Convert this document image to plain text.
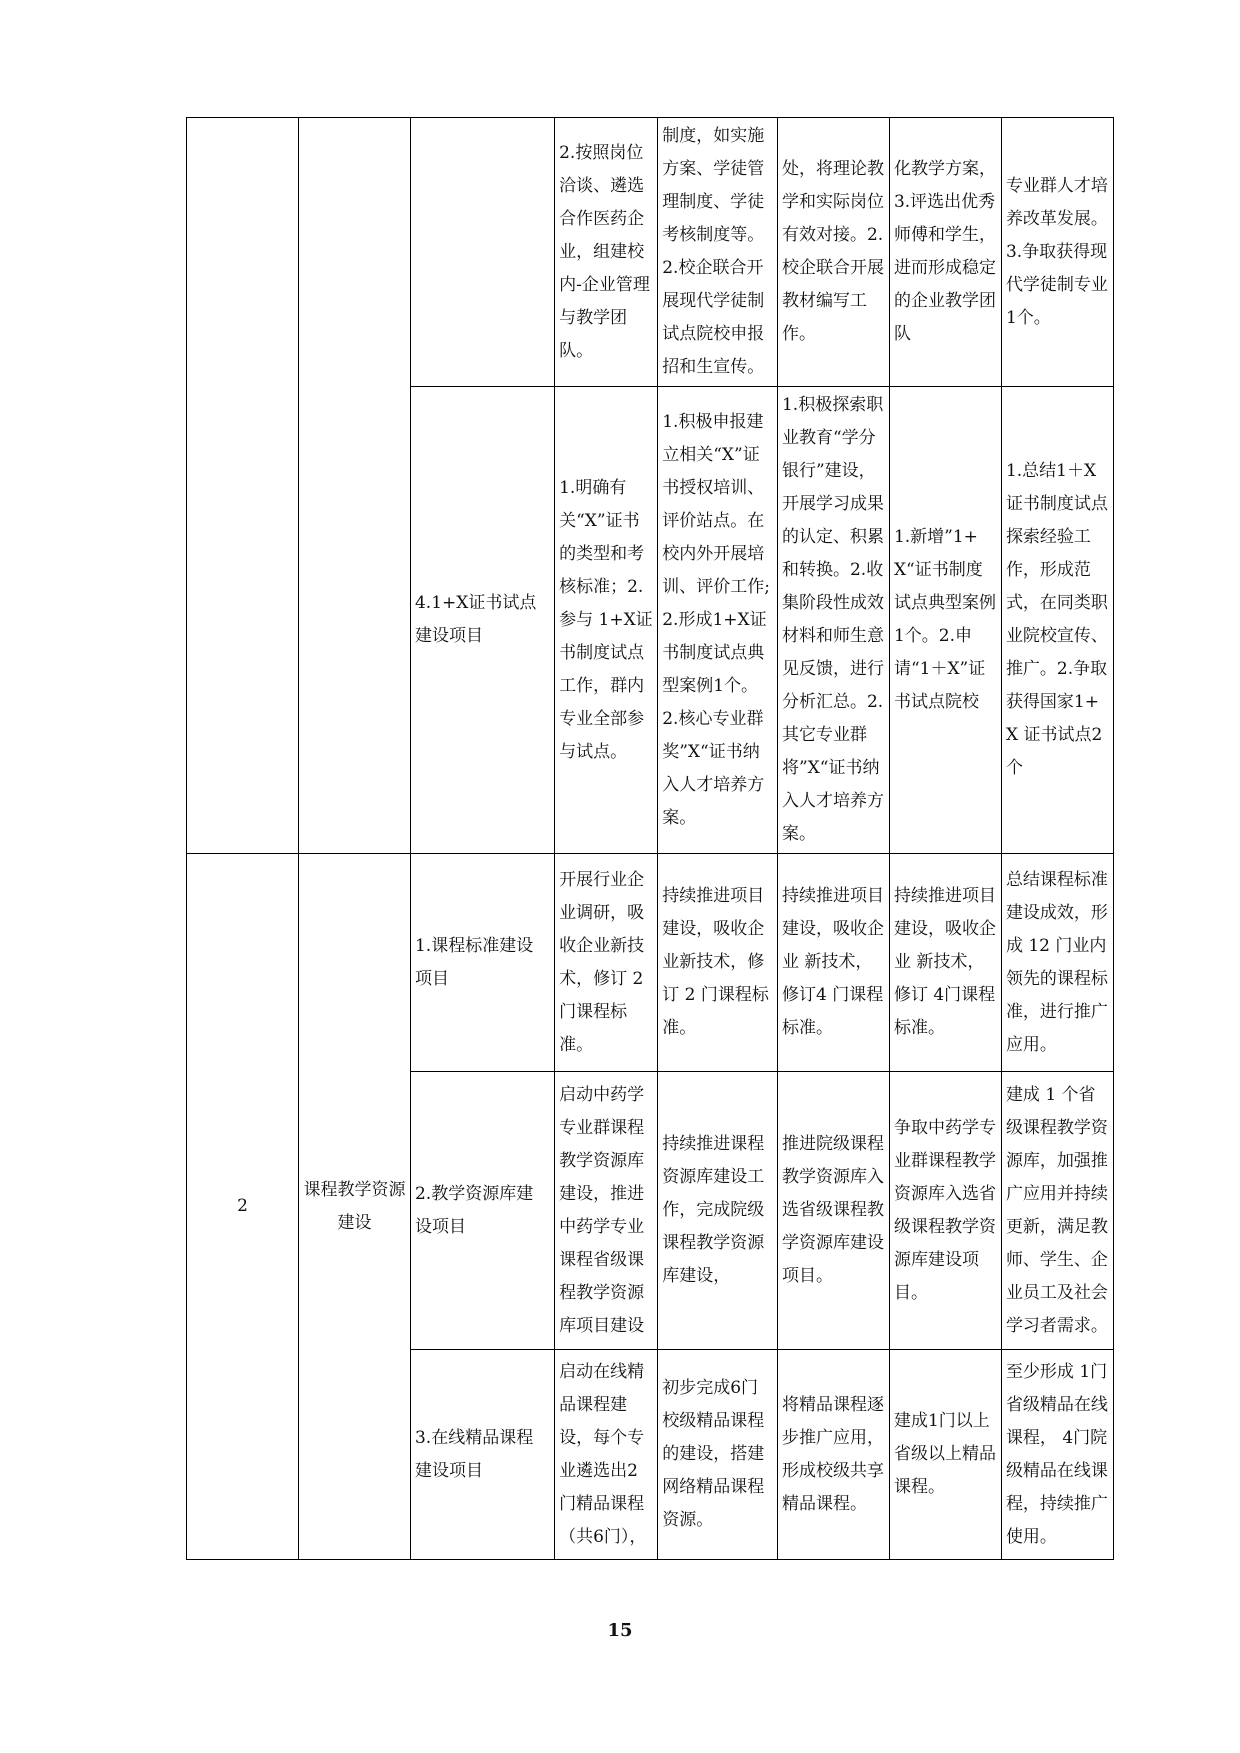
			2.按照岗位洽谈、遴选合作医药企业，组建校内-企业管理与教学团队。	制度，如实施方案、学徒管理制度、学徒考核制度等。2.校企联合开展现代学徒制试点院校申报招和生宣传。	处，将理论教学和实际岗位有效对接。2.校企联合开展教材编写工作。	化教学方案，3.评选出优秀师傅和学生，进而形成稳定的企业教学团队	专业群人才培养改革发展。3.争取获得现代学徒制专业1个。
		4.1+X证书试点建设项目	1.明确有关“X”证书的类型和考核标准；2.参与 1+X证书制度试点工作，群内专业全部参与试点。	1.积极申报建立相关“X”证书授权培训、评价站点。在校内外开展培训、评价工作;2.形成1+X证书制度试点典型案例1个。2.核心专业群奖”X“证书纳入人才培养方案。	1.积极探索职业教育“学分银行”建设，开展学习成果的认定、积累和转换。2.收集阶段性成效材料和师生意见反馈，进行分析汇总。2.其它专业群将”X“证书纳入人才培养方案。	1.新增”1+X“证书制度试点典型案例1个。2.申请“1＋X”证书试点院校	1.总结1＋X证书制度试点探索经验工作，形成范式，在同类职业院校宣传、推广。2.争取获得国家1+X 证书试点2个
2	课程教学资源建设	1.课程标准建设项目	开展行业企业调研，吸收企业新技术，修订 2门课程标准。	持续推进项目建设，吸收企业新技术，修订 2 门课程标准。	持续推进项目建设，吸收企业 新技术，修订4 门课程标准。	持续推进项目建设，吸收企业 新技术，修订 4门课程标准。	总结课程标准建设成效，形成 12 门业内领先的课程标准，进行推广应用。
		2.教学资源库建设项目	启动中药学专业群课程教学资源库建设，推进中药学专业课程省级课程教学资源库项目建设	持续推进课程资源库建设工作，完成院级课程教学资源库建设，	推进院级课程教学资源库入选省级课程教学资源库建设项目。	争取中药学专业群课程教学资源库入选省级课程教学资源库建设项目。	建成 1 个省级课程教学资源库，加强推广应用并持续更新，满足教师、学生、企业员工及社会学习者需求。
		3.在线精品课程建设项目	启动在线精品课程建设，每个专业遴选出2门精品课程（共6门），	初步完成6门校级精品课程的建设，搭建网络精品课程资源。	将精品课程逐步推广应用，形成校级共享精品课程。	建成1门以上省级以上精品课程。	至少形成 1门省级精品在线课程， 4门院级精品在线课程，持续推广使用。
15
